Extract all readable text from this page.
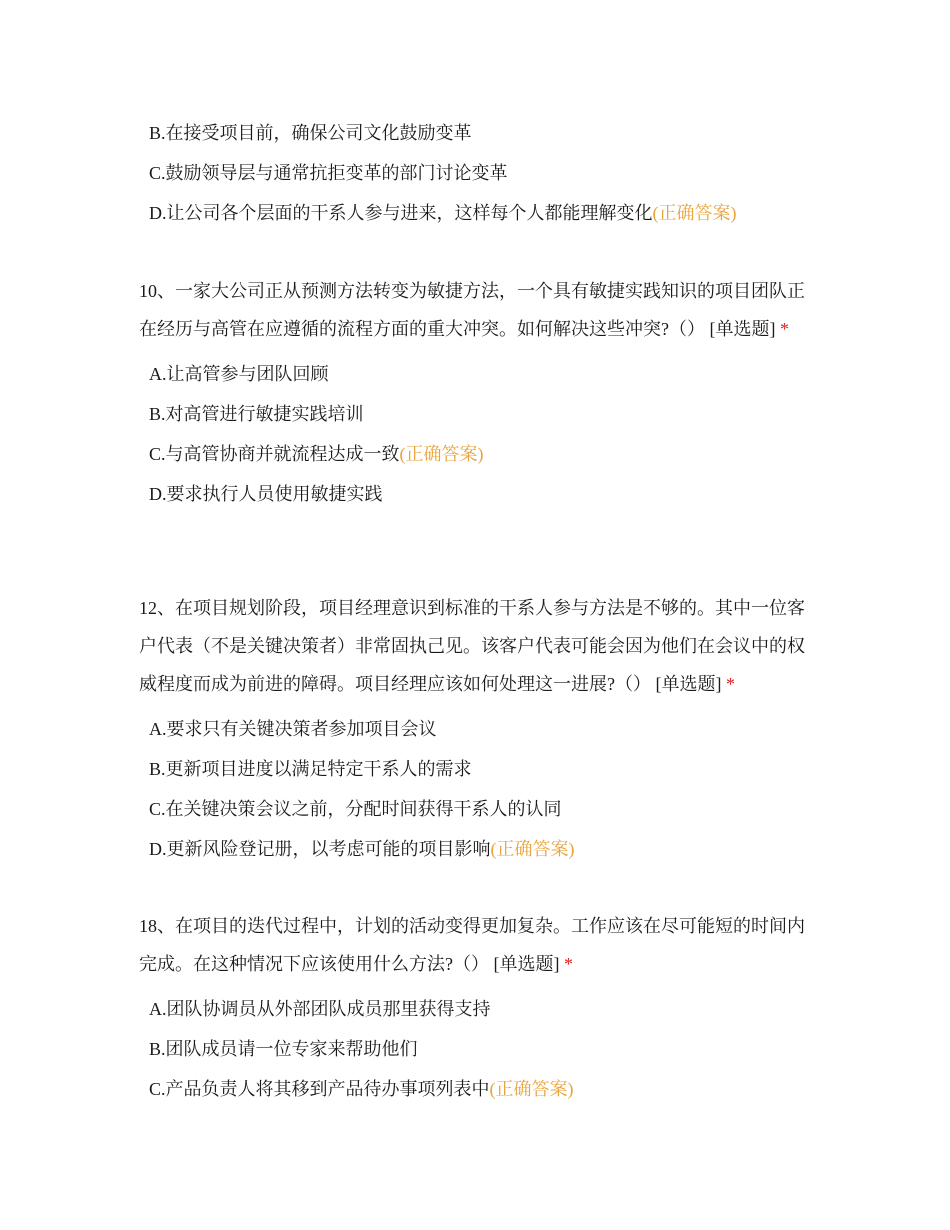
B.在接受项目前，确保公司文化鼓励变革
C.鼓励领导层与通常抗拒变革的部门讨论变革
D.让公司各个层面的干系人参与进来，这样每个人都能理解变化(正确答案)

10、一家大公司正从预测方法转变为敏捷方法，一个具有敏捷实践知识的项目团队正在经历与高管在应遵循的流程方面的重大冲突。如何解决这些冲突?（） [单选题] *

A.让高管参与团队回顾
B.对高管进行敏捷实践培训
C.与高管协商并就流程达成一致(正确答案)
D.要求执行人员使用敏捷实践

12、在项目规划阶段，项目经理意识到标准的干系人参与方法是不够的。其中一位客户代表（不是关键决策者）非常固执己见。该客户代表可能会因为他们在会议中的权威程度而成为前进的障碍。项目经理应该如何处理这一进展?（） [单选题] *

A.要求只有关键决策者参加项目会议
B.更新项目进度以满足特定干系人的需求
C.在关键决策会议之前，分配时间获得干系人的认同
D.更新风险登记册，以考虑可能的项目影响(正确答案)

18、在项目的迭代过程中，计划的活动变得更加复杂。工作应该在尽可能短的时间内完成。在这种情况下应该使用什么方法?（） [单选题] *

A.团队协调员从外部团队成员那里获得支持
B.团队成员请一位专家来帮助他们
C.产品负责人将其移到产品待办事项列表中(正确答案)
